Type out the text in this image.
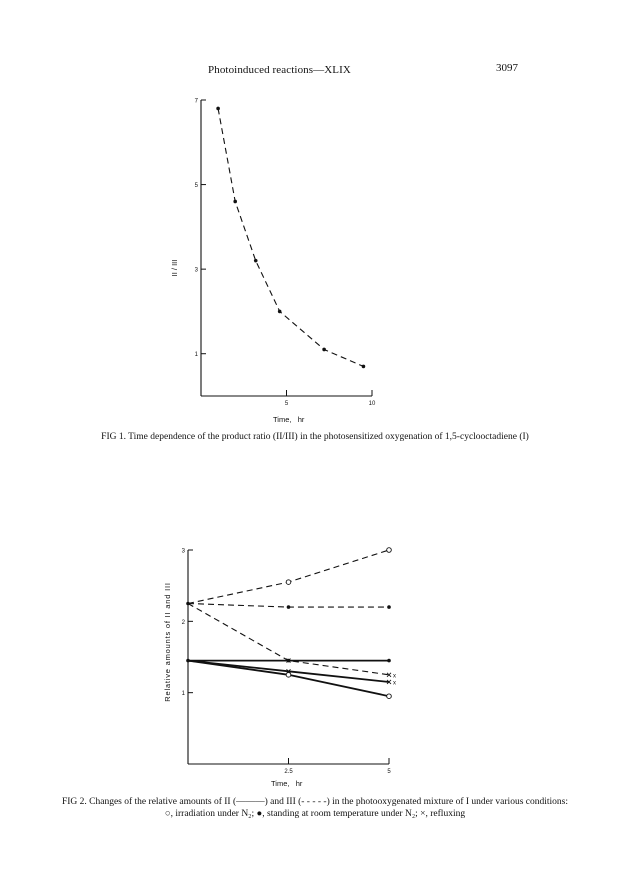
Photoinduced reactions—XLIX	3097
1
3
5
7
5	10
Time,   hr
II / III
1
2
3
2.5	5
x
x
Time,   hr
Relative amounts of II and III
FIG 1. Time dependence of the product ratio (II/III) in the photosensitized oxygenation of 1,5-cyclooctadiene (I)
FIG 2. Changes of the relative amounts of II (———) and III (- - - - -) in the photooxygenated mixture of I under various conditions: ○, irradiation under N₂; ●, standing at room temperature under N₂; ×, refluxing
